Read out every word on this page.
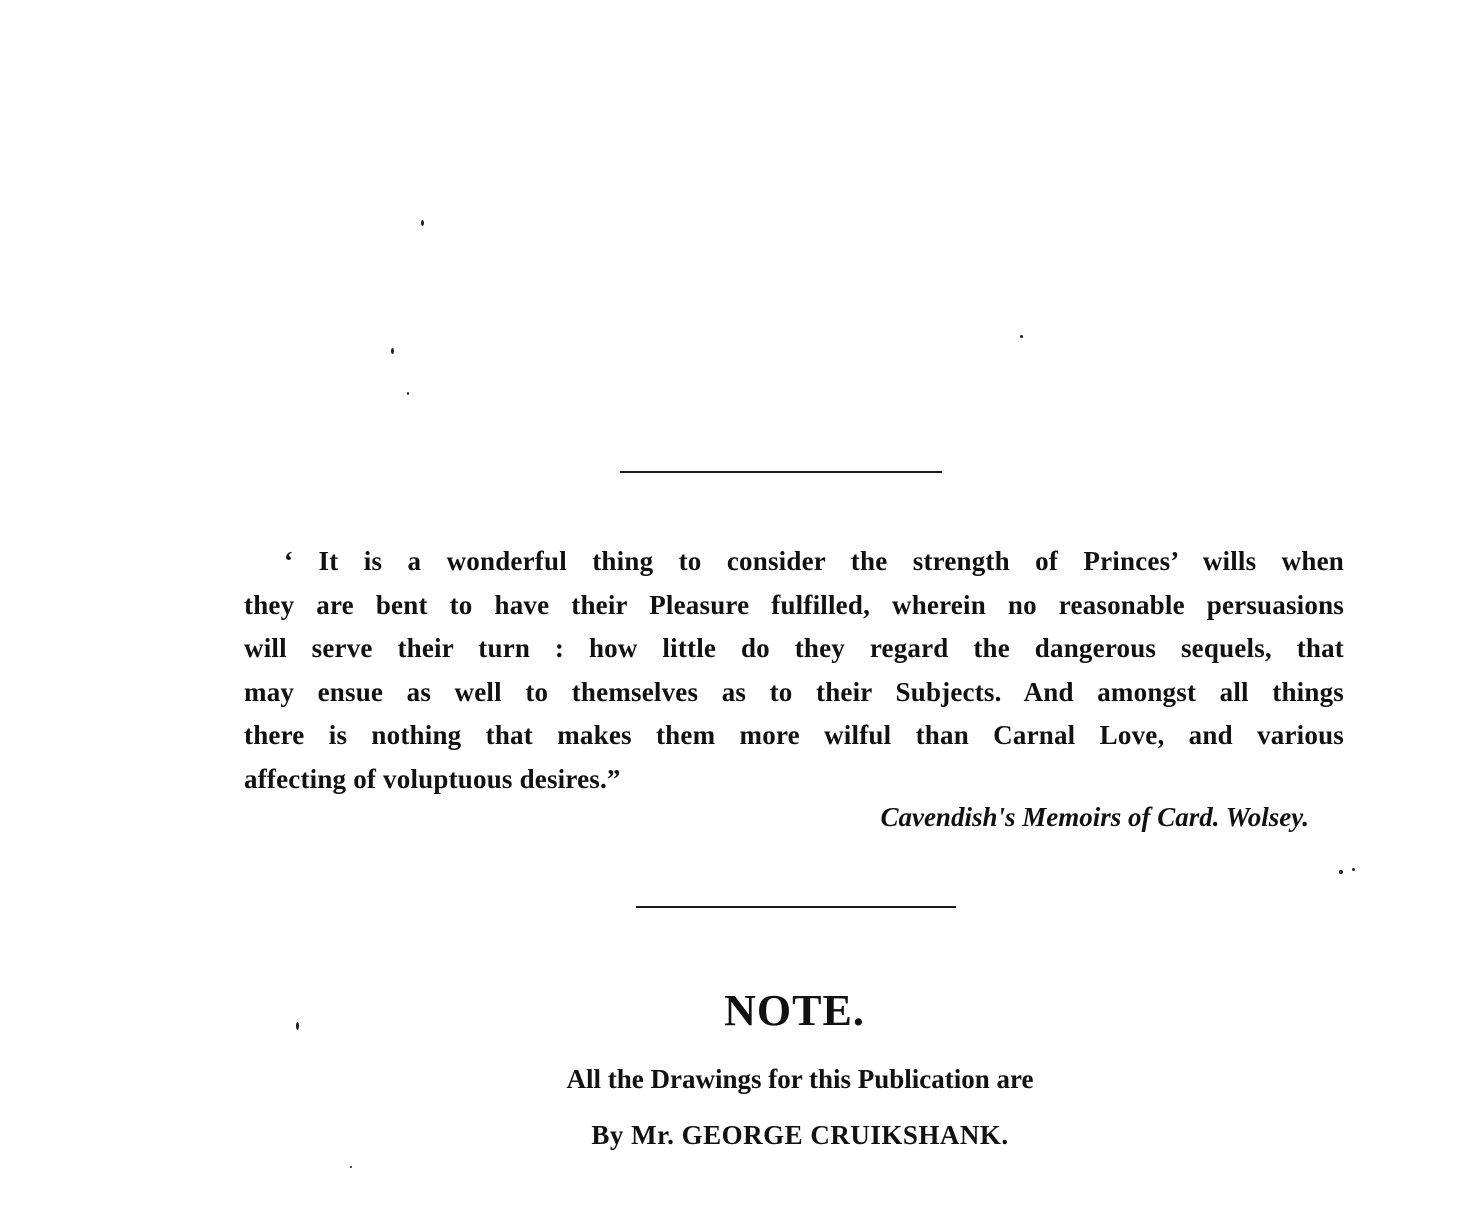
‘ It is a wonderful thing to consider the strength of Princes’ wills when
they are bent to have their Pleasure fulfilled, wherein no reasonable persuasions
will serve their turn : how little do they regard the dangerous sequels, that
may ensue as well to themselves as to their Subjects. And amongst all things
there is nothing that makes them more wilful than Carnal Love, and various
affecting of voluptuous desires.”
Cavendish's Memoirs of Card. Wolsey.
NOTE.
All the Drawings for this Publication are
By Mr. GEORGE CRUIKSHANK.
